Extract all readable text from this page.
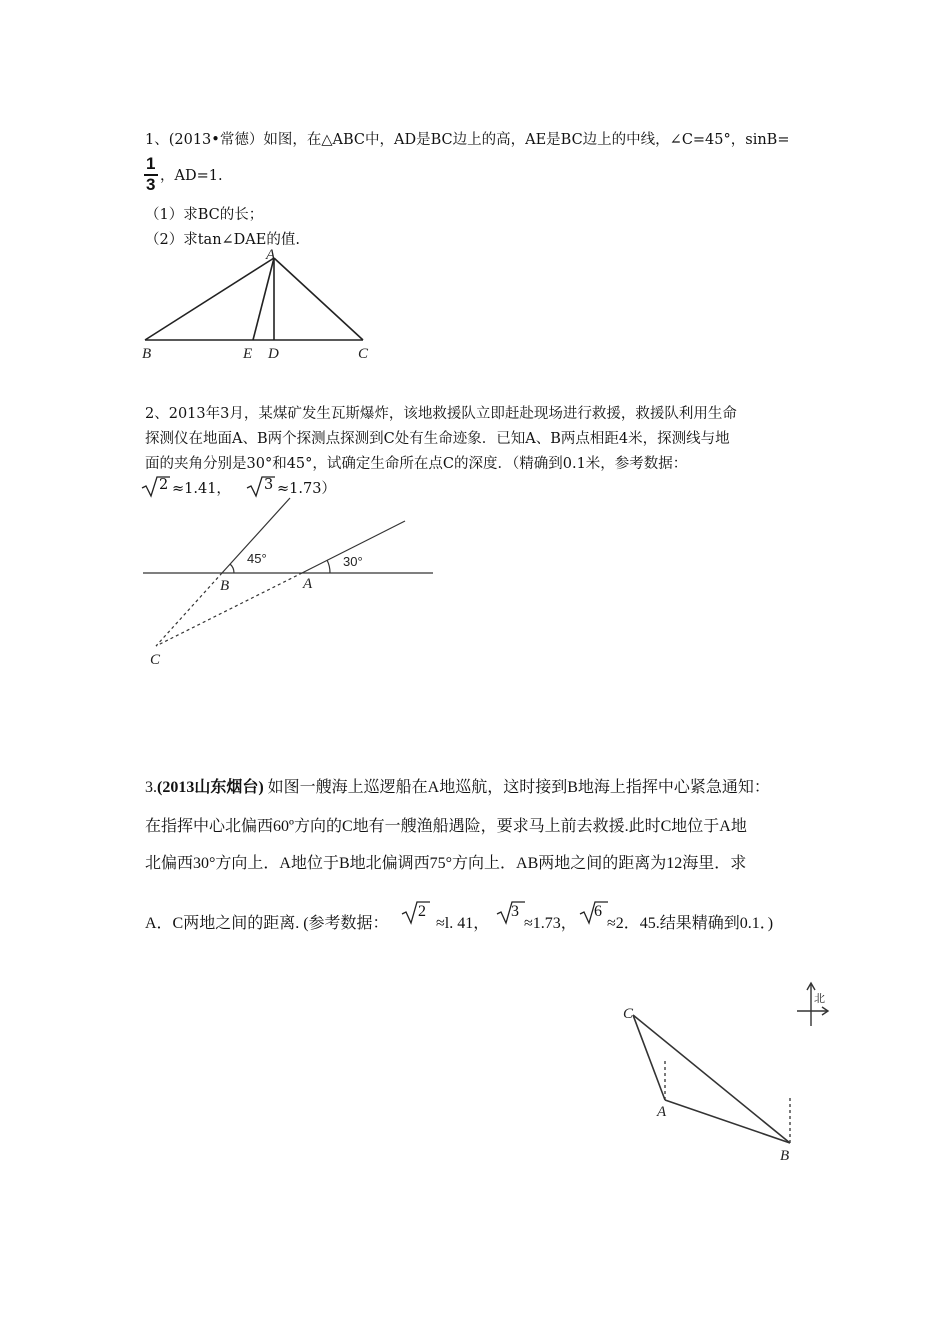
1、(2013•常德）如图，在△ABC中，AD是BC边上的高，AE是BC边上的中线，∠C=45°，sinB=
1
3 ，AD=1.
（1）求BC的长；
（2）求tan∠DAE的值.
A
B	E D	C
2、2013年3月，某煤矿发生瓦斯爆炸，该地救援队立即赶赴现场进行救援，救援队利用生命
探测仪在地面A、B两个探测点探测到C处有生命迹象．已知A、B两点相距4米，探测线与地
面的夹角分别是30°和45°，试确定生命所在点C的深度．（精确到0.1米，参考数据：
2 ≈1.41， 3 ≈1.73）
45°	30°
B	A
C
3.(2013山东烟台) 如图一艘海上巡逻船在A地巡航，这时接到B地海上指挥中心紧急通知：
在指挥中心北偏西60º方向的C地有一艘渔船遇险，要求马上前去救援.此时C地位于A地
北偏西30°方向上．A地位于B地北偏调西75°方向上．AB两地之间的距离为12海里．求
A．C两地之间的距离. (参考数据：
2
≈l. 41，
3
≈1.73，
6
≈2．45.结果精确到0.1．)
北
C
A
B
